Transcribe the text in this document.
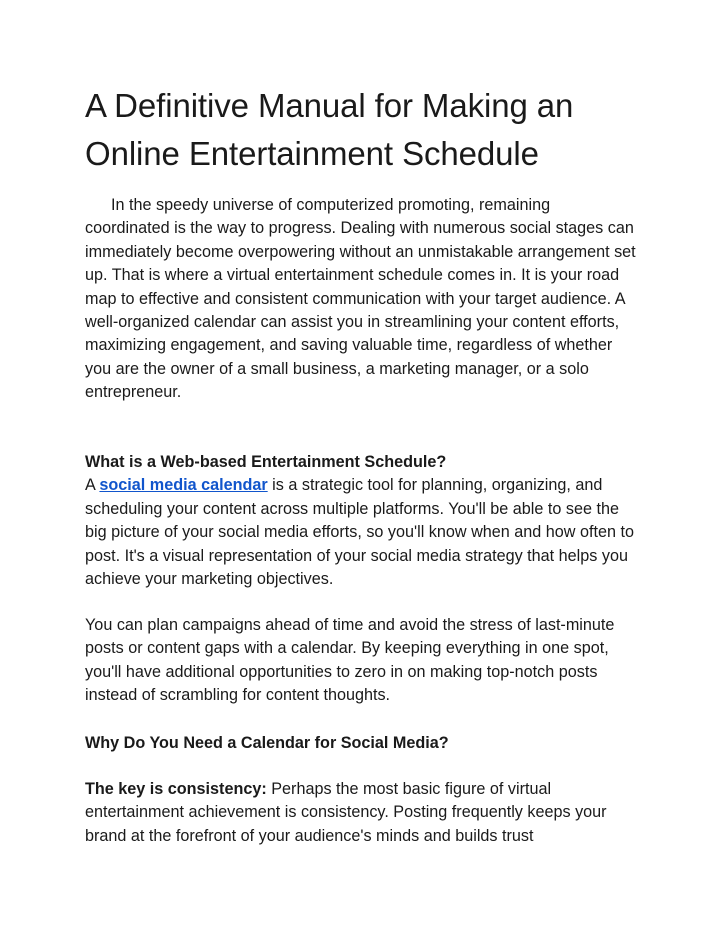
A Definitive Manual for Making an Online Entertainment Schedule

In the speedy universe of computerized promoting, remaining coordinated is the way to progress. Dealing with numerous social stages can immediately become overpowering without an unmistakable arrangement set up. That is where a virtual entertainment schedule comes in. It is your road map to effective and consistent communication with your target audience. A well-organized calendar can assist you in streamlining your content efforts, maximizing engagement, and saving valuable time, regardless of whether you are the owner of a small business, a marketing manager, or a solo entrepreneur.

What is a Web-based Entertainment Schedule?
A social media calendar is a strategic tool for planning, organizing, and scheduling your content across multiple platforms. You'll be able to see the big picture of your social media efforts, so you'll know when and how often to post. It's a visual representation of your social media strategy that helps you achieve your marketing objectives.

You can plan campaigns ahead of time and avoid the stress of last-minute posts or content gaps with a calendar. By keeping everything in one spot, you'll have additional opportunities to zero in on making top-notch posts instead of scrambling for content thoughts.

Why Do You Need a Calendar for Social Media?

The key is consistency: Perhaps the most basic figure of virtual entertainment achievement is consistency. Posting frequently keeps your brand at the forefront of your audience's minds and builds trust
